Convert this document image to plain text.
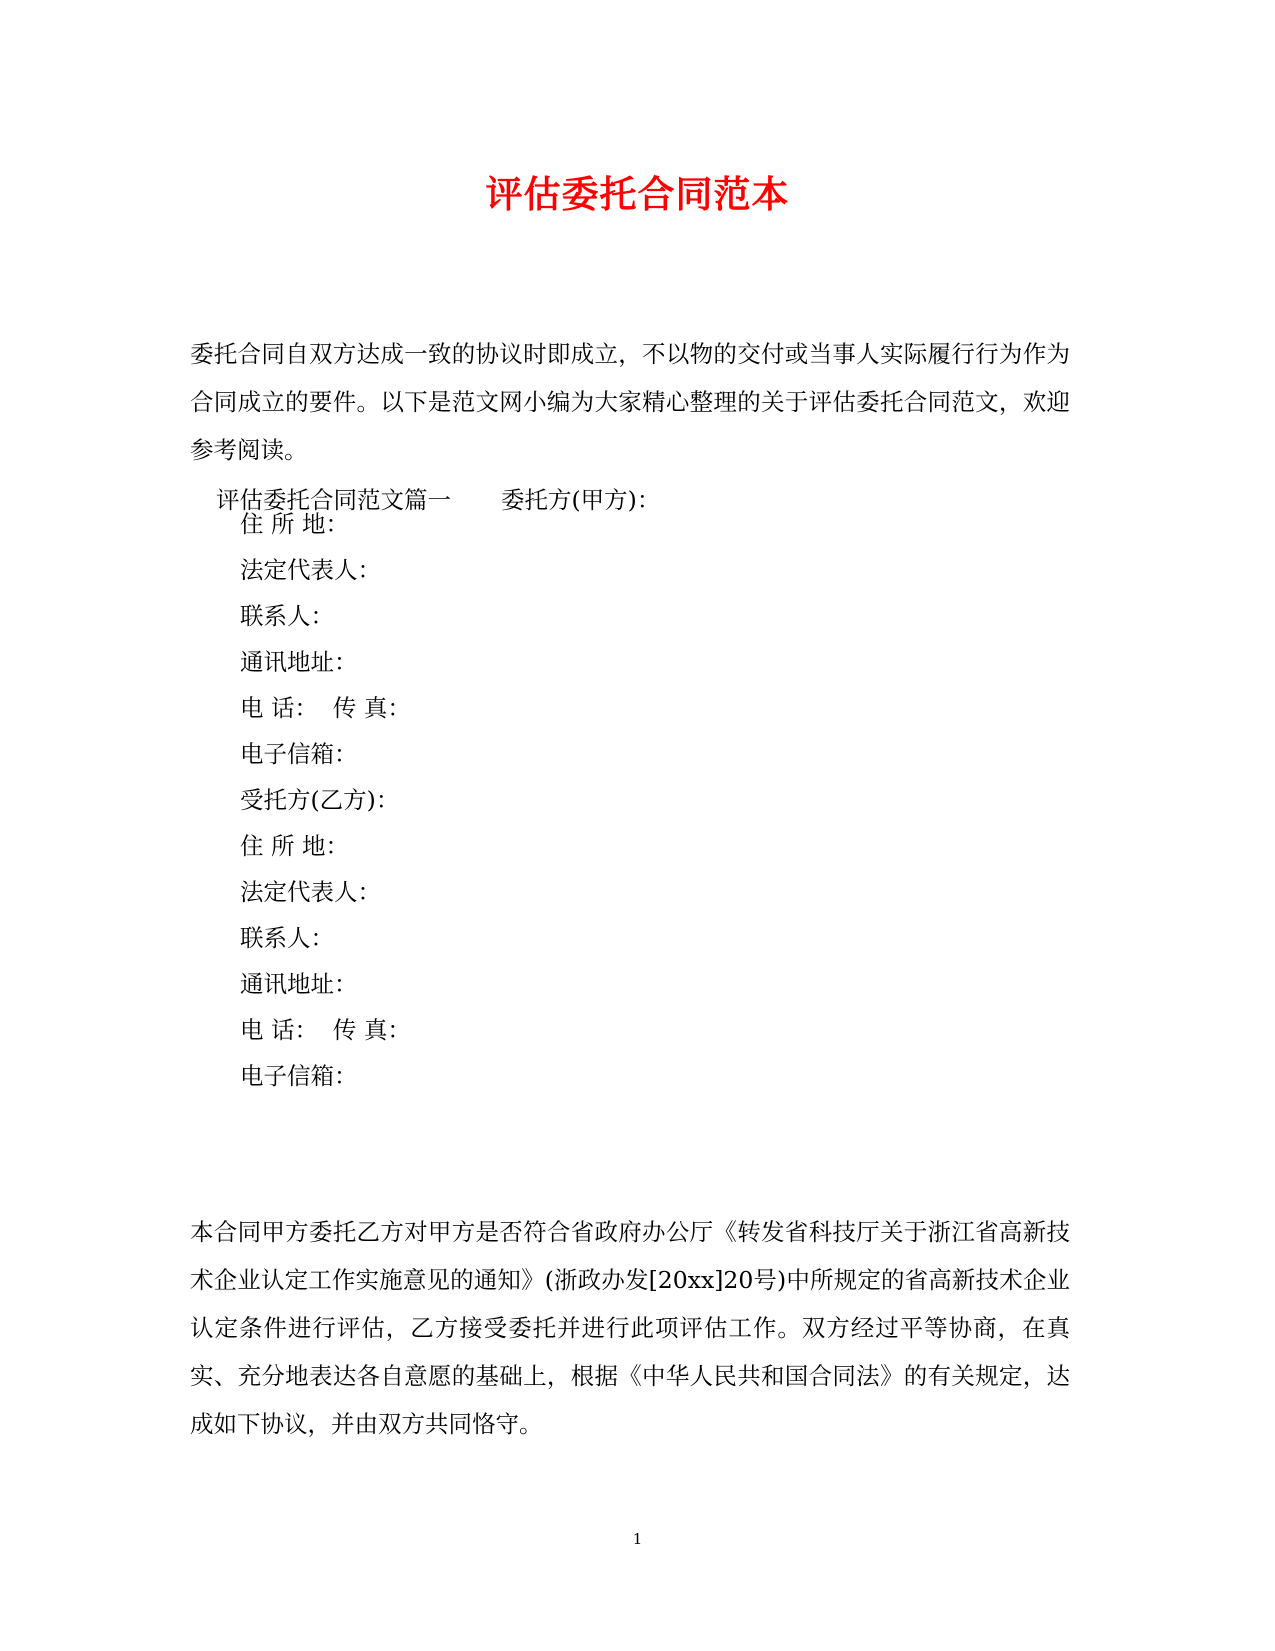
评估委托合同范本

委托合同自双方达成一致的协议时即成立，不以物的交付或当事人实际履行行为作为合同成立的要件。以下是范文网小编为大家精心整理的关于评估委托合同范文，欢迎参考阅读。

评估委托合同范文篇一 委托方(甲方)：

住 所 地：

法定代表人：

联系人：

通讯地址：

电 话：  传 真：

电子信箱：

受托方(乙方)：

住 所 地：

法定代表人：

联系人：

通讯地址：

电 话：  传 真：

电子信箱：

本合同甲方委托乙方对甲方是否符合省政府办公厅《转发省科技厅关于浙江省高新技术企业认定工作实施意见的通知》(浙政办发[20xx]20号)中所规定的省高新技术企业认定条件进行评估，乙方接受委托并进行此项评估工作。双方经过平等协商，在真实、充分地表达各自意愿的基础上，根据《中华人民共和国合同法》的有关规定，达成如下协议，并由双方共同恪守。

1
